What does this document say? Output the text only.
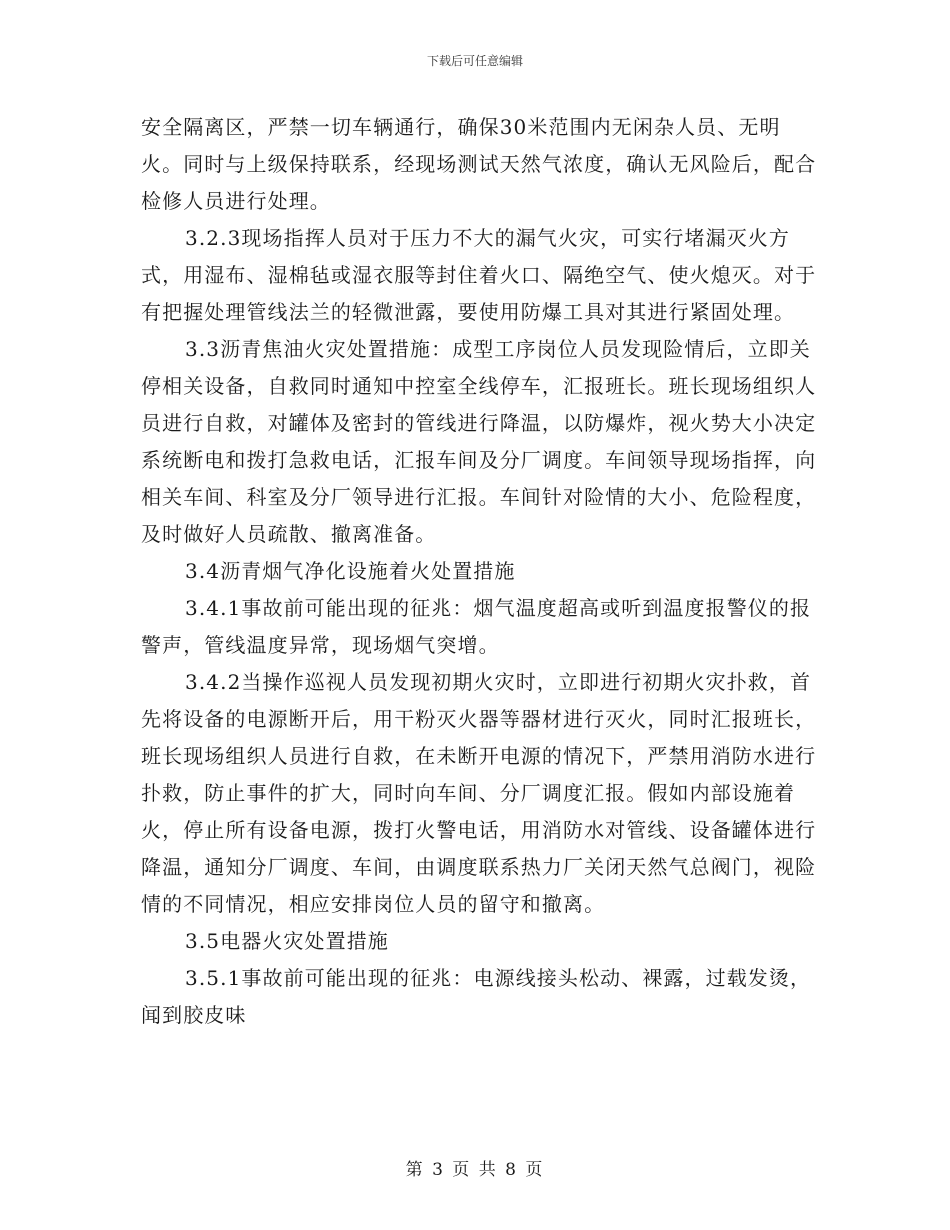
下载后可任意编辑

安全隔离区，严禁一切车辆通行，确保30米范围内无闲杂人员、无明火。同时与上级保持联系，经现场测试天然气浓度，确认无风险后，配合检修人员进行处理。

3.2.3现场指挥人员对于压力不大的漏气火灾，可实行堵漏灭火方式，用湿布、湿棉毡或湿衣服等封住着火口、隔绝空气、使火熄灭。对于有把握处理管线法兰的轻微泄露，要使用防爆工具对其进行紧固处理。

3.3沥青焦油火灾处置措施：成型工序岗位人员发现险情后，立即关停相关设备，自救同时通知中控室全线停车，汇报班长。班长现场组织人员进行自救，对罐体及密封的管线进行降温，以防爆炸，视火势大小决定系统断电和拨打急救电话，汇报车间及分厂调度。车间领导现场指挥，向相关车间、科室及分厂领导进行汇报。车间针对险情的大小、危险程度，及时做好人员疏散、撤离准备。

3.4沥青烟气净化设施着火处置措施

3.4.1事故前可能出现的征兆：烟气温度超高或听到温度报警仪的报警声，管线温度异常，现场烟气突增。

3.4.2当操作巡视人员发现初期火灾时，立即进行初期火灾扑救，首先将设备的电源断开后，用干粉灭火器等器材进行灭火，同时汇报班长，班长现场组织人员进行自救，在未断开电源的情况下，严禁用消防水进行扑救，防止事件的扩大，同时向车间、分厂调度汇报。假如内部设施着火，停止所有设备电源，拨打火警电话，用消防水对管线、设备罐体进行降温，通知分厂调度、车间，由调度联系热力厂关闭天然气总阀门，视险情的不同情况，相应安排岗位人员的留守和撤离。

3.5电器火灾处置措施

3.5.1事故前可能出现的征兆：电源线接头松动、裸露，过载发烫，闻到胶皮味

第 3 页 共 8 页
